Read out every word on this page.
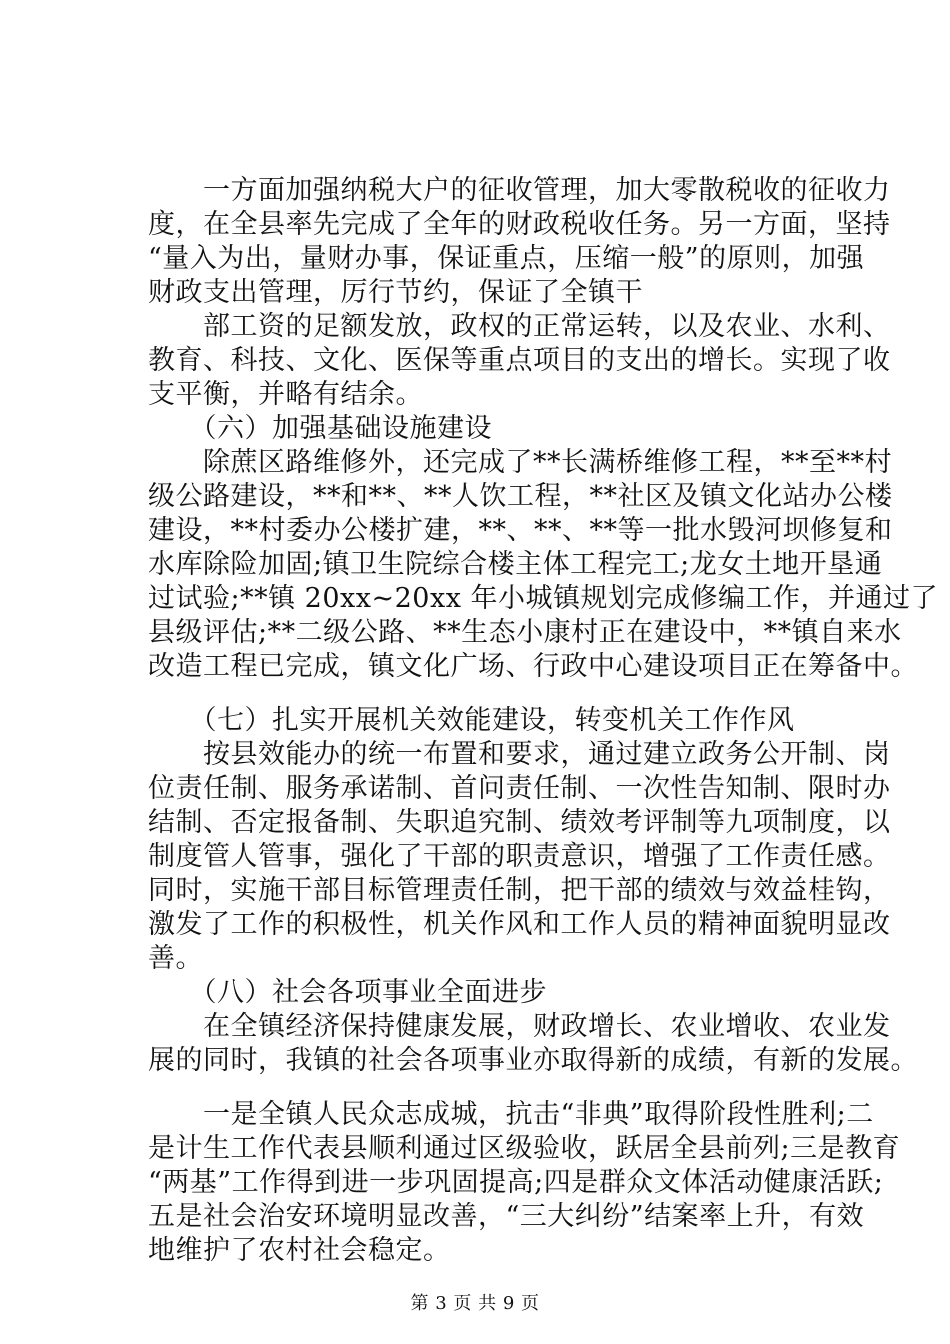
　　一方面加强纳税大户的征收管理，加大零散税收的征收力
度，在全县率先完成了全年的财政税收任务。另一方面，坚持
“量入为出，量财办事，保证重点，压缩一般”的原则，加强
财政支出管理，厉行节约，保证了全镇干
　　部工资的足额发放，政权的正常运转，以及农业、水利、
教育、科技、文化、医保等重点项目的支出的增长。实现了收
支平衡，并略有结余。
　　（六）加强基础设施建设
　　除蔗区路维修外，还完成了**长满桥维修工程，**至**村
级公路建设，**和**、**人饮工程，**社区及镇文化站办公楼
建设，**村委办公楼扩建，**、**、**等一批水毁河坝修复和
水库除险加固;镇卫生院综合楼主体工程完工;龙女土地开垦通
过试验;**镇 20xx~20xx 年小城镇规划完成修编工作，并通过了
县级评估;**二级公路、**生态小康村正在建设中，**镇自来水
改造工程已完成，镇文化广场、行政中心建设项目正在筹备中。
　　（七）扎实开展机关效能建设，转变机关工作作风
　　按县效能办的统一布置和要求，通过建立政务公开制、岗
位责任制、服务承诺制、首问责任制、一次性告知制、限时办
结制、否定报备制、失职追究制、绩效考评制等九项制度，以
制度管人管事，强化了干部的职责意识，增强了工作责任感。
同时，实施干部目标管理责任制，把干部的绩效与效益桂钩，
激发了工作的积极性，机关作风和工作人员的精神面貌明显改
善。
　　（八）社会各项事业全面进步
　　在全镇经济保持健康发展，财政增长、农业增收、农业发
展的同时，我镇的社会各项事业亦取得新的成绩，有新的发展。
　　一是全镇人民众志成城，抗击“非典”取得阶段性胜利;二
是计生工作代表县顺利通过区级验收，跃居全县前列;三是教育
“两基”工作得到进一步巩固提高;四是群众文体活动健康活跃;
五是社会治安环境明显改善，“三大纠纷”结案率上升，有效
地维护了农村社会稳定。
第 3 页 共 9 页
